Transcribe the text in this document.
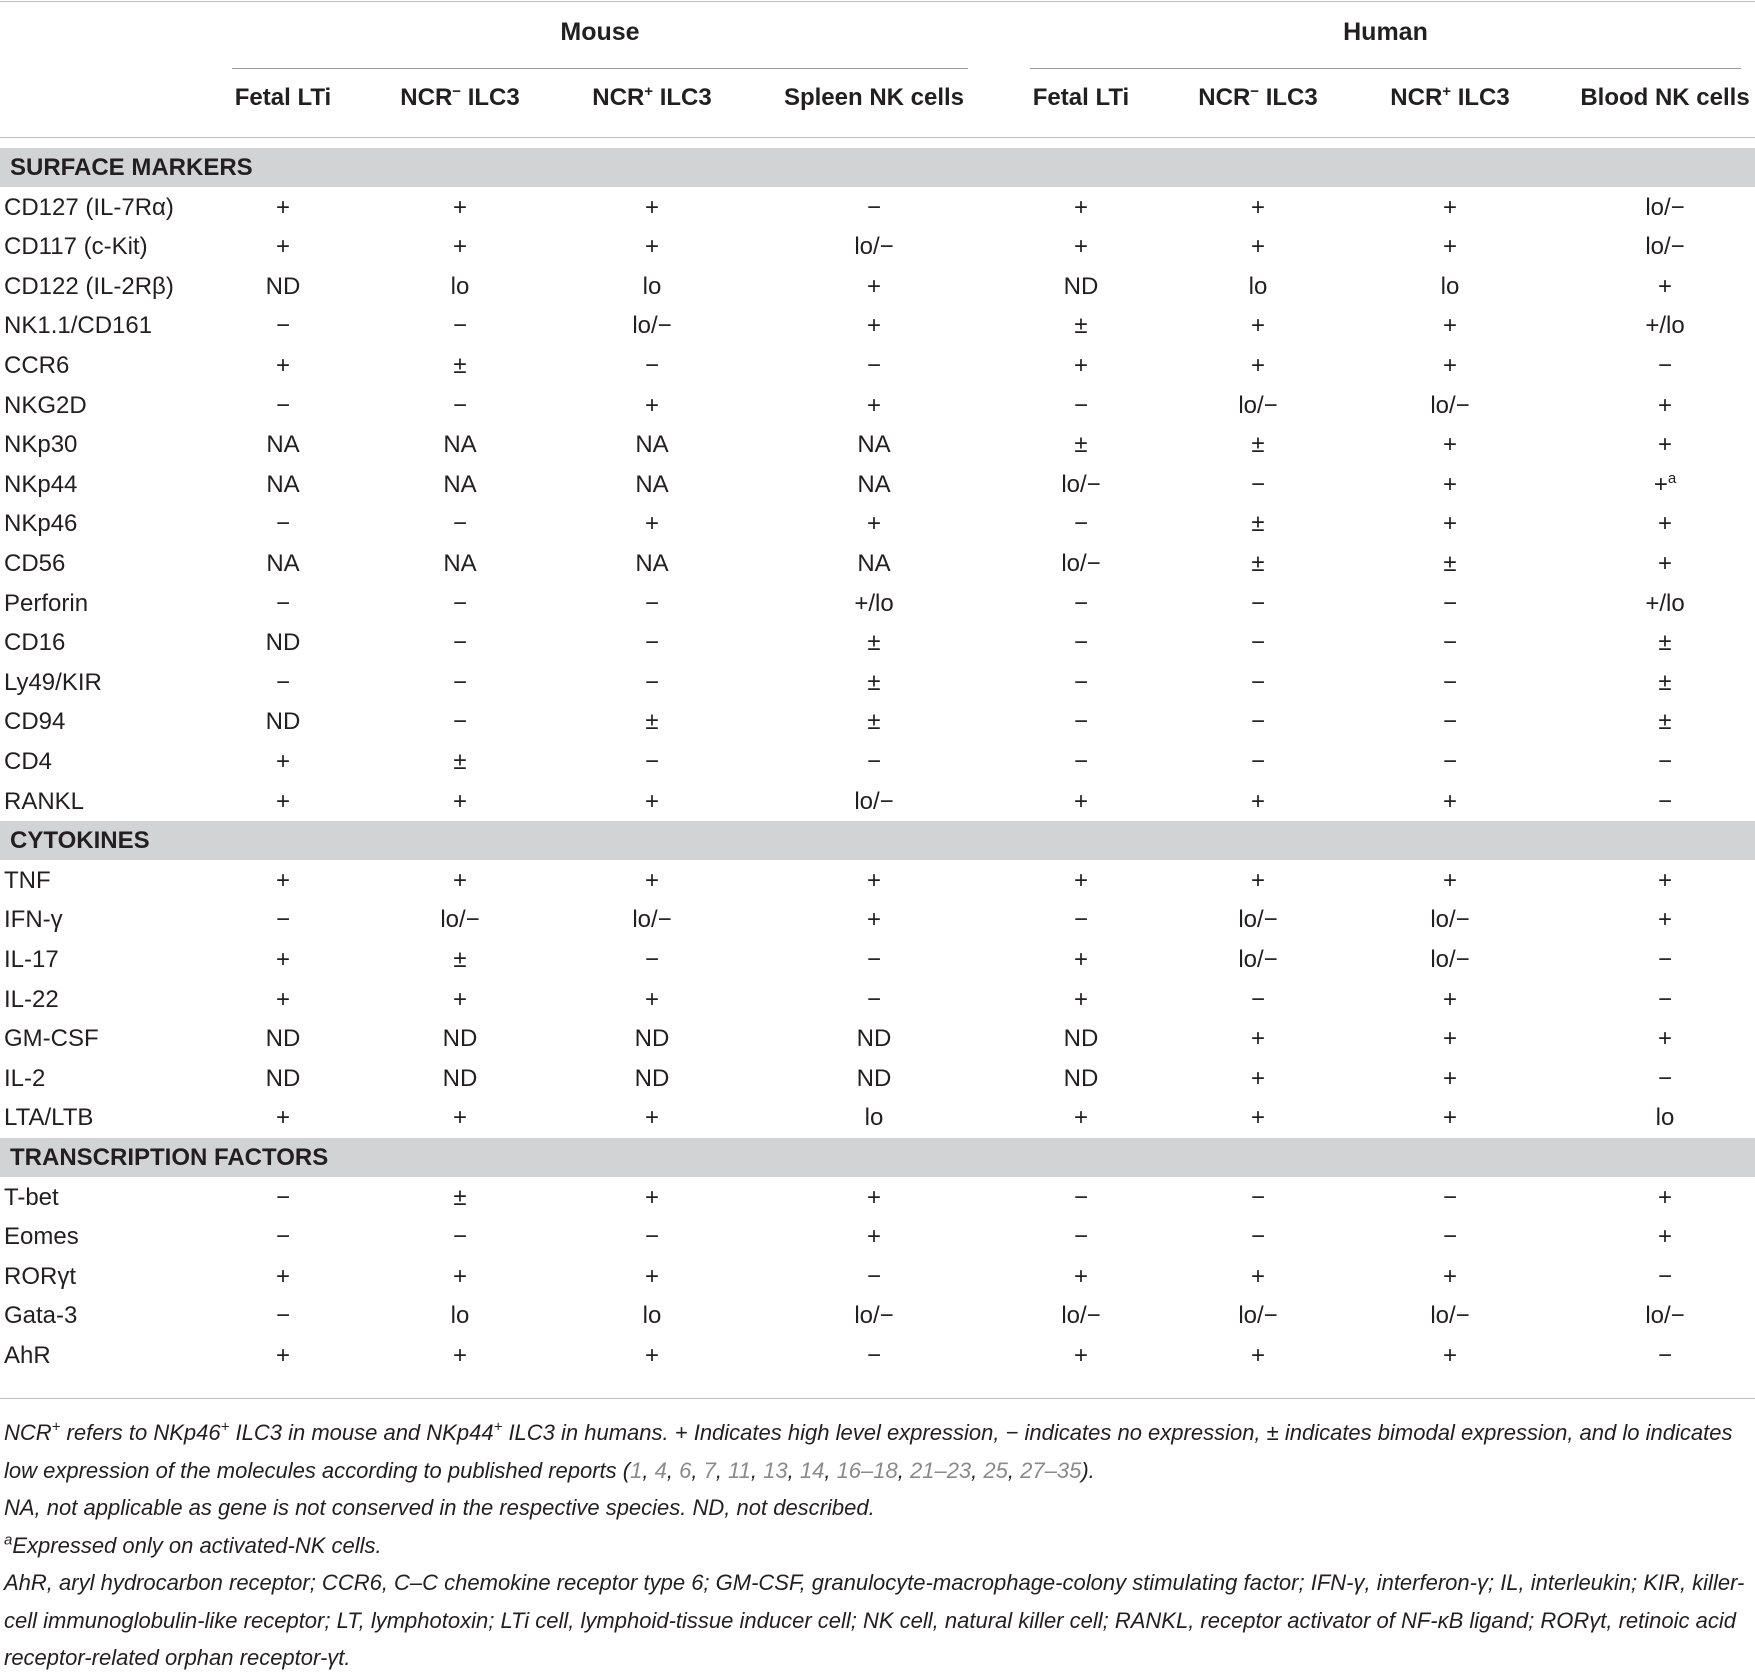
Mouse	Human
Fetal LTi	NCR− ILC3	NCR+ ILC3	Spleen NK cells	Fetal LTi	NCR− ILC3	NCR+ ILC3	Blood NK cells
SURFACE MARKERS
CD127 (IL-7Rα)	+	+	+	−	+	+	+	lo/−
CD117 (c-Kit)	+	+	+	lo/−	+	+	+	lo/−
CD122 (IL-2Rβ)	ND	lo	lo	+	ND	lo	lo	+
NK1.1/CD161	−	−	lo/−	+	±	+	+	+/lo
CCR6	+	±	−	−	+	+	+	−
NKG2D	−	−	+	+	−	lo/−	lo/−	+
NKp30	NA	NA	NA	NA	±	±	+	+
NKp44	NA	NA	NA	NA	lo/−	−	+	+$^a$
NKp46	−	−	+	+	−	±	+	+
CD56	NA	NA	NA	NA	lo/−	±	±	+
Perforin	−	−	−	+/lo	−	−	−	+/lo
CD16	ND	−	−	±	−	−	−	±
Ly49/KIR	−	−	−	±	−	−	−	±
CD94	ND	−	±	±	−	−	−	±
CD4	+	±	−	−	−	−	−	−
RANKL	+	+	+	lo/−	+	+	+	−
CYTOKINES
TNF	+	+	+	+	+	+	+	+
IFN-γ	−	lo/−	lo/−	+	−	lo/−	lo/−	+
IL-17	+	±	−	−	+	lo/−	lo/−	−
IL-22	+	+	+	−	+	−	+	−
GM-CSF	ND	ND	ND	ND	ND	+	+	+
IL-2	ND	ND	ND	ND	ND	+	+	−
LTA/LTB	+	+	+	lo	+	+	+	lo
TRANSCRIPTION FACTORS
T-bet	−	±	+	+	−	−	−	+
Eomes	−	−	−	+	−	−	−	+
RORγt	+	+	+	−	+	+	+	−
Gata-3	−	lo	lo	lo/−	lo/−	lo/−	lo/−	lo/−
AhR	+	+	+	−	+	+	+	−

NCR+ refers to NKp46+ ILC3 in mouse and NKp44+ ILC3 in humans. + Indicates high level expression, − indicates no expression, ± indicates bimodal expression, and lo indicates low expression of the molecules according to published reports (1, 4, 6, 7, 11, 13, 14, 16–18, 21–23, 25, 27–35).

NA, not applicable as gene is not conserved in the respective species. ND, not described.

$^a$Expressed only on activated-NK cells.

AhR, aryl hydrocarbon receptor; CCR6, C–C chemokine receptor type 6; GM-CSF, granulocyte-macrophage-colony stimulating factor; IFN-γ, interferon-γ; IL, interleukin; KIR, killer-cell immunoglobulin-like receptor; LT, lymphotoxin; LTi cell, lymphoid-tissue inducer cell; NK cell, natural killer cell; RANKL, receptor activator of NF-κB ligand; RORγt, retinoic acid receptor-related orphan receptor-γt.
